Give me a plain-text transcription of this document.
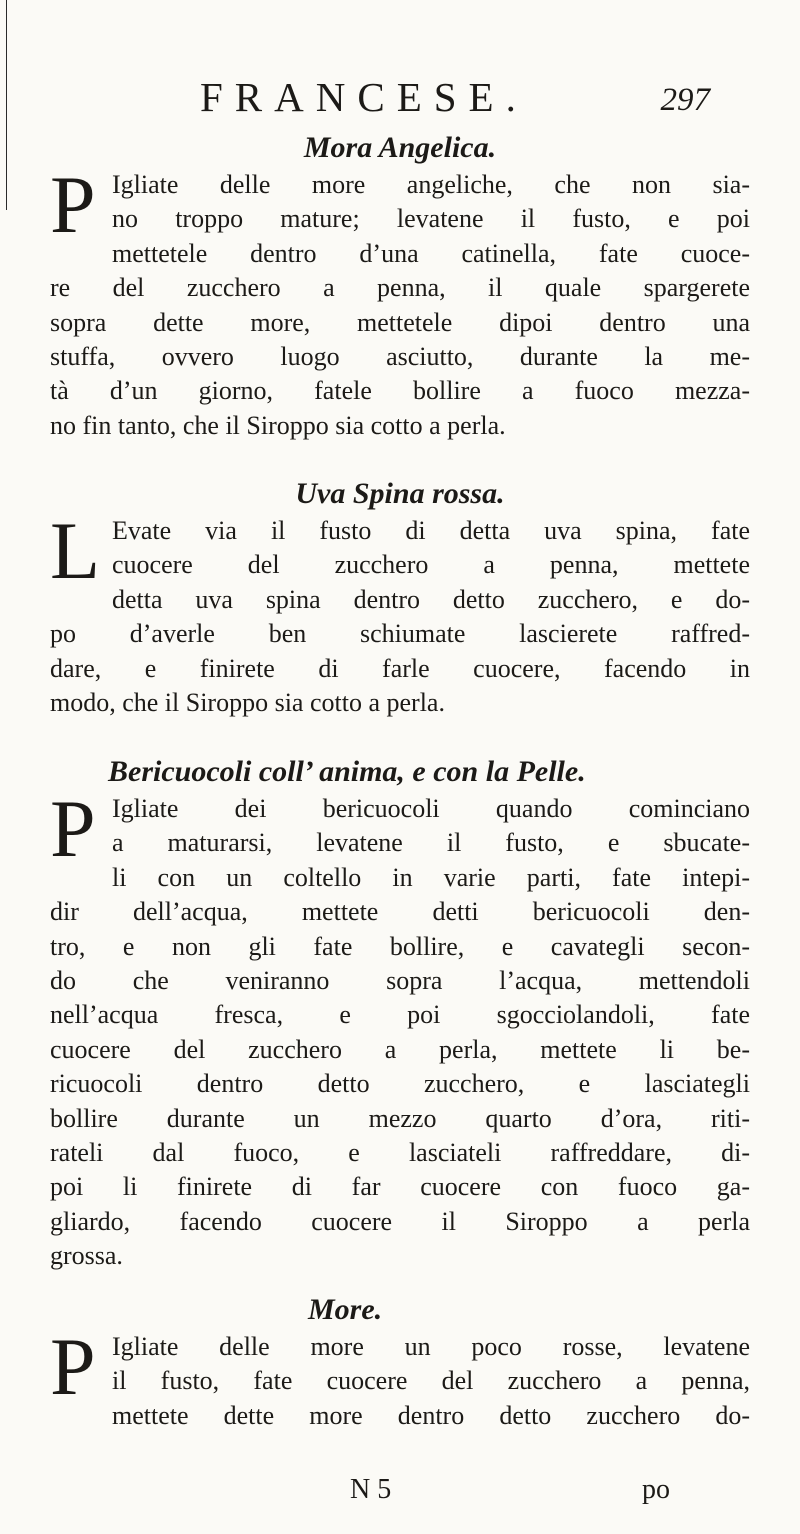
FRANCESE.	297
Mora Angelica.
P Igliate delle more angeliche, che non sia-
no troppo mature; levatene il fusto, e poi
mettetele dentro d’una catinella, fate cuoce-
re del zucchero a penna, il quale spargerete
sopra dette more, mettetele dipoi dentro una
stuffa, ovvero luogo asciutto, durante la me-
tà d’un giorno, fatele bollire a fuoco mezza-
no fin tanto, che il Siroppo sia cotto a perla.
Uva Spina rossa.
L Evate via il fusto di detta uva spina, fate
cuocere del zucchero a penna, mettete
detta uva spina dentro detto zucchero, e do-
po d’averle ben schiumate lascierete raffred-
dare, e finirete di farle cuocere, facendo in
modo, che il Siroppo sia cotto a perla.
Bericuocoli coll’ anima, e con la Pelle.
P Igliate dei bericuocoli quando cominciano
a maturarsi, levatene il fusto, e sbucate-
li con un coltello in varie parti, fate intepi-
dir dell’acqua, mettete detti bericuocoli den-
tro, e non gli fate bollire, e cavategli secon-
do che veniranno sopra l’acqua, mettendoli
nell’acqua fresca, e poi sgocciolandoli, fate
cuocere del zucchero a perla, mettete li be-
ricuocoli dentro detto zucchero, e lasciategli
bollire durante un mezzo quarto d’ora, riti-
rateli dal fuoco, e lasciateli raffreddare, di-
poi li finirete di far cuocere con fuoco ga-
gliardo, facendo cuocere il Siroppo a perla
grossa.
More.
P Igliate delle more un poco rosse, levatene
il fusto, fate cuocere del zucchero a penna,
mettete dette more dentro detto zucchero do-
N 5	po
